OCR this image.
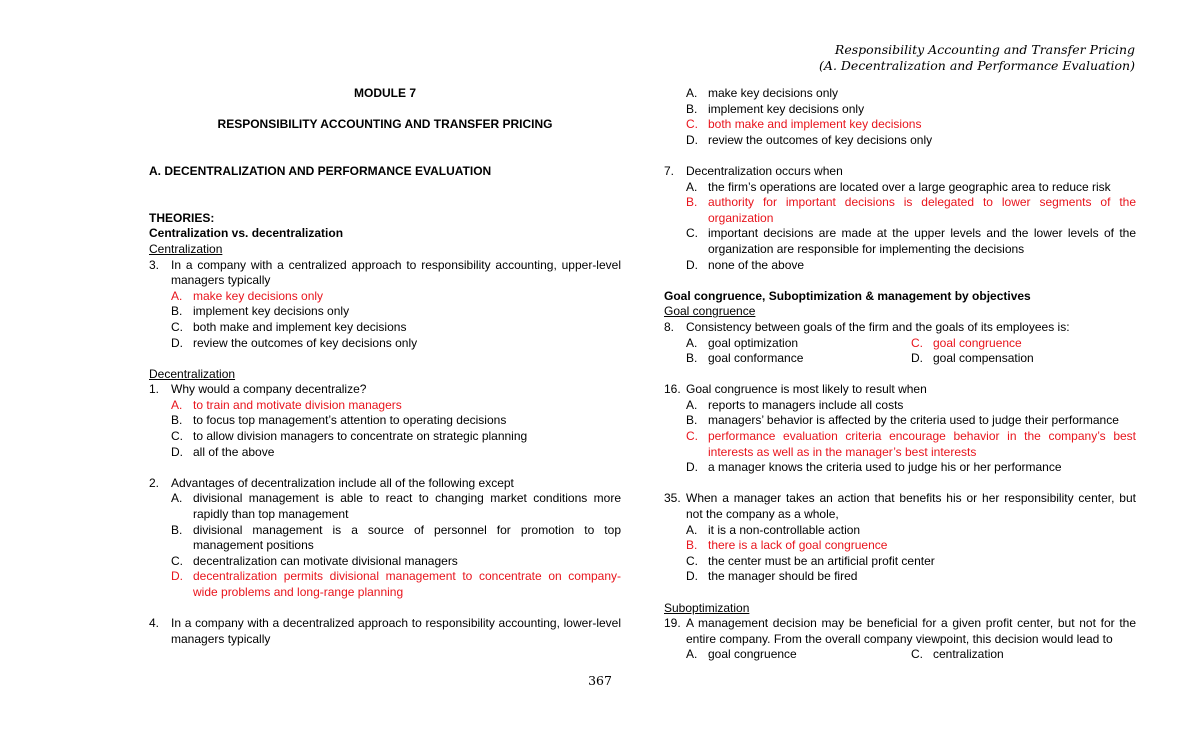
Responsibility Accounting and Transfer Pricing
(A. Decentralization and Performance Evaluation)
MODULE 7
RESPONSIBILITY ACCOUNTING AND TRANSFER PRICING
A. DECENTRALIZATION AND PERFORMANCE EVALUATION
THEORIES:
Centralization vs. decentralization
Centralization
3. In a company with a centralized approach to responsibility accounting, upper-level managers typically
A. make key decisions only
B. implement key decisions only
C. both make and implement key decisions
D. review the outcomes of key decisions only
Decentralization
1. Why would a company decentralize?
A. to train and motivate division managers
B. to focus top management’s attention to operating decisions
C. to allow division managers to concentrate on strategic planning
D. all of the above
2. Advantages of decentralization include all of the following except
A. divisional management is able to react to changing market conditions more rapidly than top management
B. divisional management is a source of personnel for promotion to top management positions
C. decentralization can motivate divisional managers
D. decentralization permits divisional management to concentrate on company-wide problems and long-range planning
4. In a company with a decentralized approach to responsibility accounting, lower-level managers typically
A. make key decisions only
B. implement key decisions only
C. both make and implement key decisions
D. review the outcomes of key decisions only
7. Decentralization occurs when
A. the firm’s operations are located over a large geographic area to reduce risk
B. authority for important decisions is delegated to lower segments of the organization
C. important decisions are made at the upper levels and the lower levels of the organization are responsible for implementing the decisions
D. none of the above
Goal congruence, Suboptimization & management by objectives
Goal congruence
8. Consistency between goals of the firm and the goals of its employees is:
A. goal optimization	C. goal congruence
B. goal conformance	D. goal compensation
16. Goal congruence is most likely to result when
A. reports to managers include all costs
B. managers’ behavior is affected by the criteria used to judge their performance
C. performance evaluation criteria encourage behavior in the company’s best interests as well as in the manager’s best interests
D. a manager knows the criteria used to judge his or her performance
35. When a manager takes an action that benefits his or her responsibility center, but not the company as a whole,
A. it is a non-controllable action
B. there is a lack of goal congruence
C. the center must be an artificial profit center
D. the manager should be fired
Suboptimization
19. A management decision may be beneficial for a given profit center, but not for the entire company. From the overall company viewpoint, this decision would lead to
A. goal congruence	C. centralization
367
